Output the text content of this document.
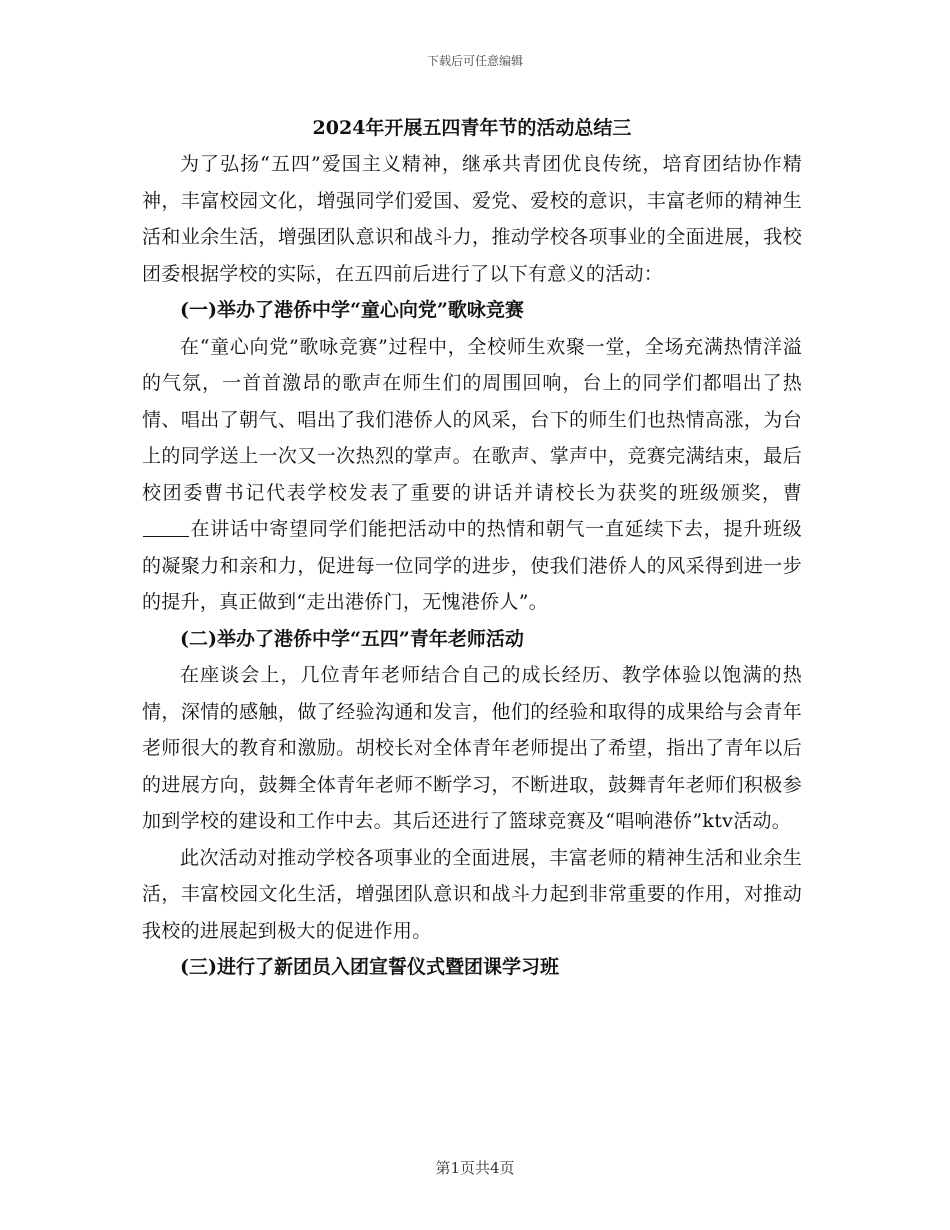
下载后可任意编辑
2024年开展五四青年节的活动总结三

为了弘扬“五四”爱国主义精神，继承共青团优良传统，培育团结协作精神，丰富校园文化，增强同学们爱国、爱党、爱校的意识，丰富老师的精神生活和业余生活，增强团队意识和战斗力，推动学校各项事业的全面进展，我校团委根据学校的实际，在五四前后进行了以下有意义的活动：

(一)举办了港侨中学“童心向党”歌咏竞赛

在“童心向党”歌咏竞赛”过程中，全校师生欢聚一堂，全场充满热情洋溢的气氛，一首首激昂的歌声在师生们的周围回响，台上的同学们都唱出了热情、唱出了朝气、唱出了我们港侨人的风采，台下的师生们也热情高涨，为台上的同学送上一次又一次热烈的掌声。在歌声、掌声中，竞赛完满结束，最后校团委曹书记代表学校发表了重要的讲话并请校长为获奖的班级颁奖，曹在讲话中寄望同学们能把活动中的热情和朝气一直延续下去，提升班级的凝聚力和亲和力，促进每一位同学的进步，使我们港侨人的风采得到进一步的提升，真正做到“走出港侨门，无愧港侨人”。

(二)举办了港侨中学“五四”青年老师活动

在座谈会上，几位青年老师结合自己的成长经历、教学体验以饱满的热情，深情的感触，做了经验沟通和发言，他们的经验和取得的成果给与会青年老师很大的教育和激励。胡校长对全体青年老师提出了希望，指出了青年以后的进展方向，鼓舞全体青年老师不断学习，不断进取，鼓舞青年老师们积极参加到学校的建设和工作中去。其后还进行了篮球竞赛及“唱响港侨”ktv活动。

此次活动对推动学校各项事业的全面进展，丰富老师的精神生活和业余生活，丰富校园文化生活，增强团队意识和战斗力起到非常重要的作用，对推动我校的进展起到极大的促进作用。

(三)进行了新团员入团宣誓仪式暨团课学习班

第1页共4页
